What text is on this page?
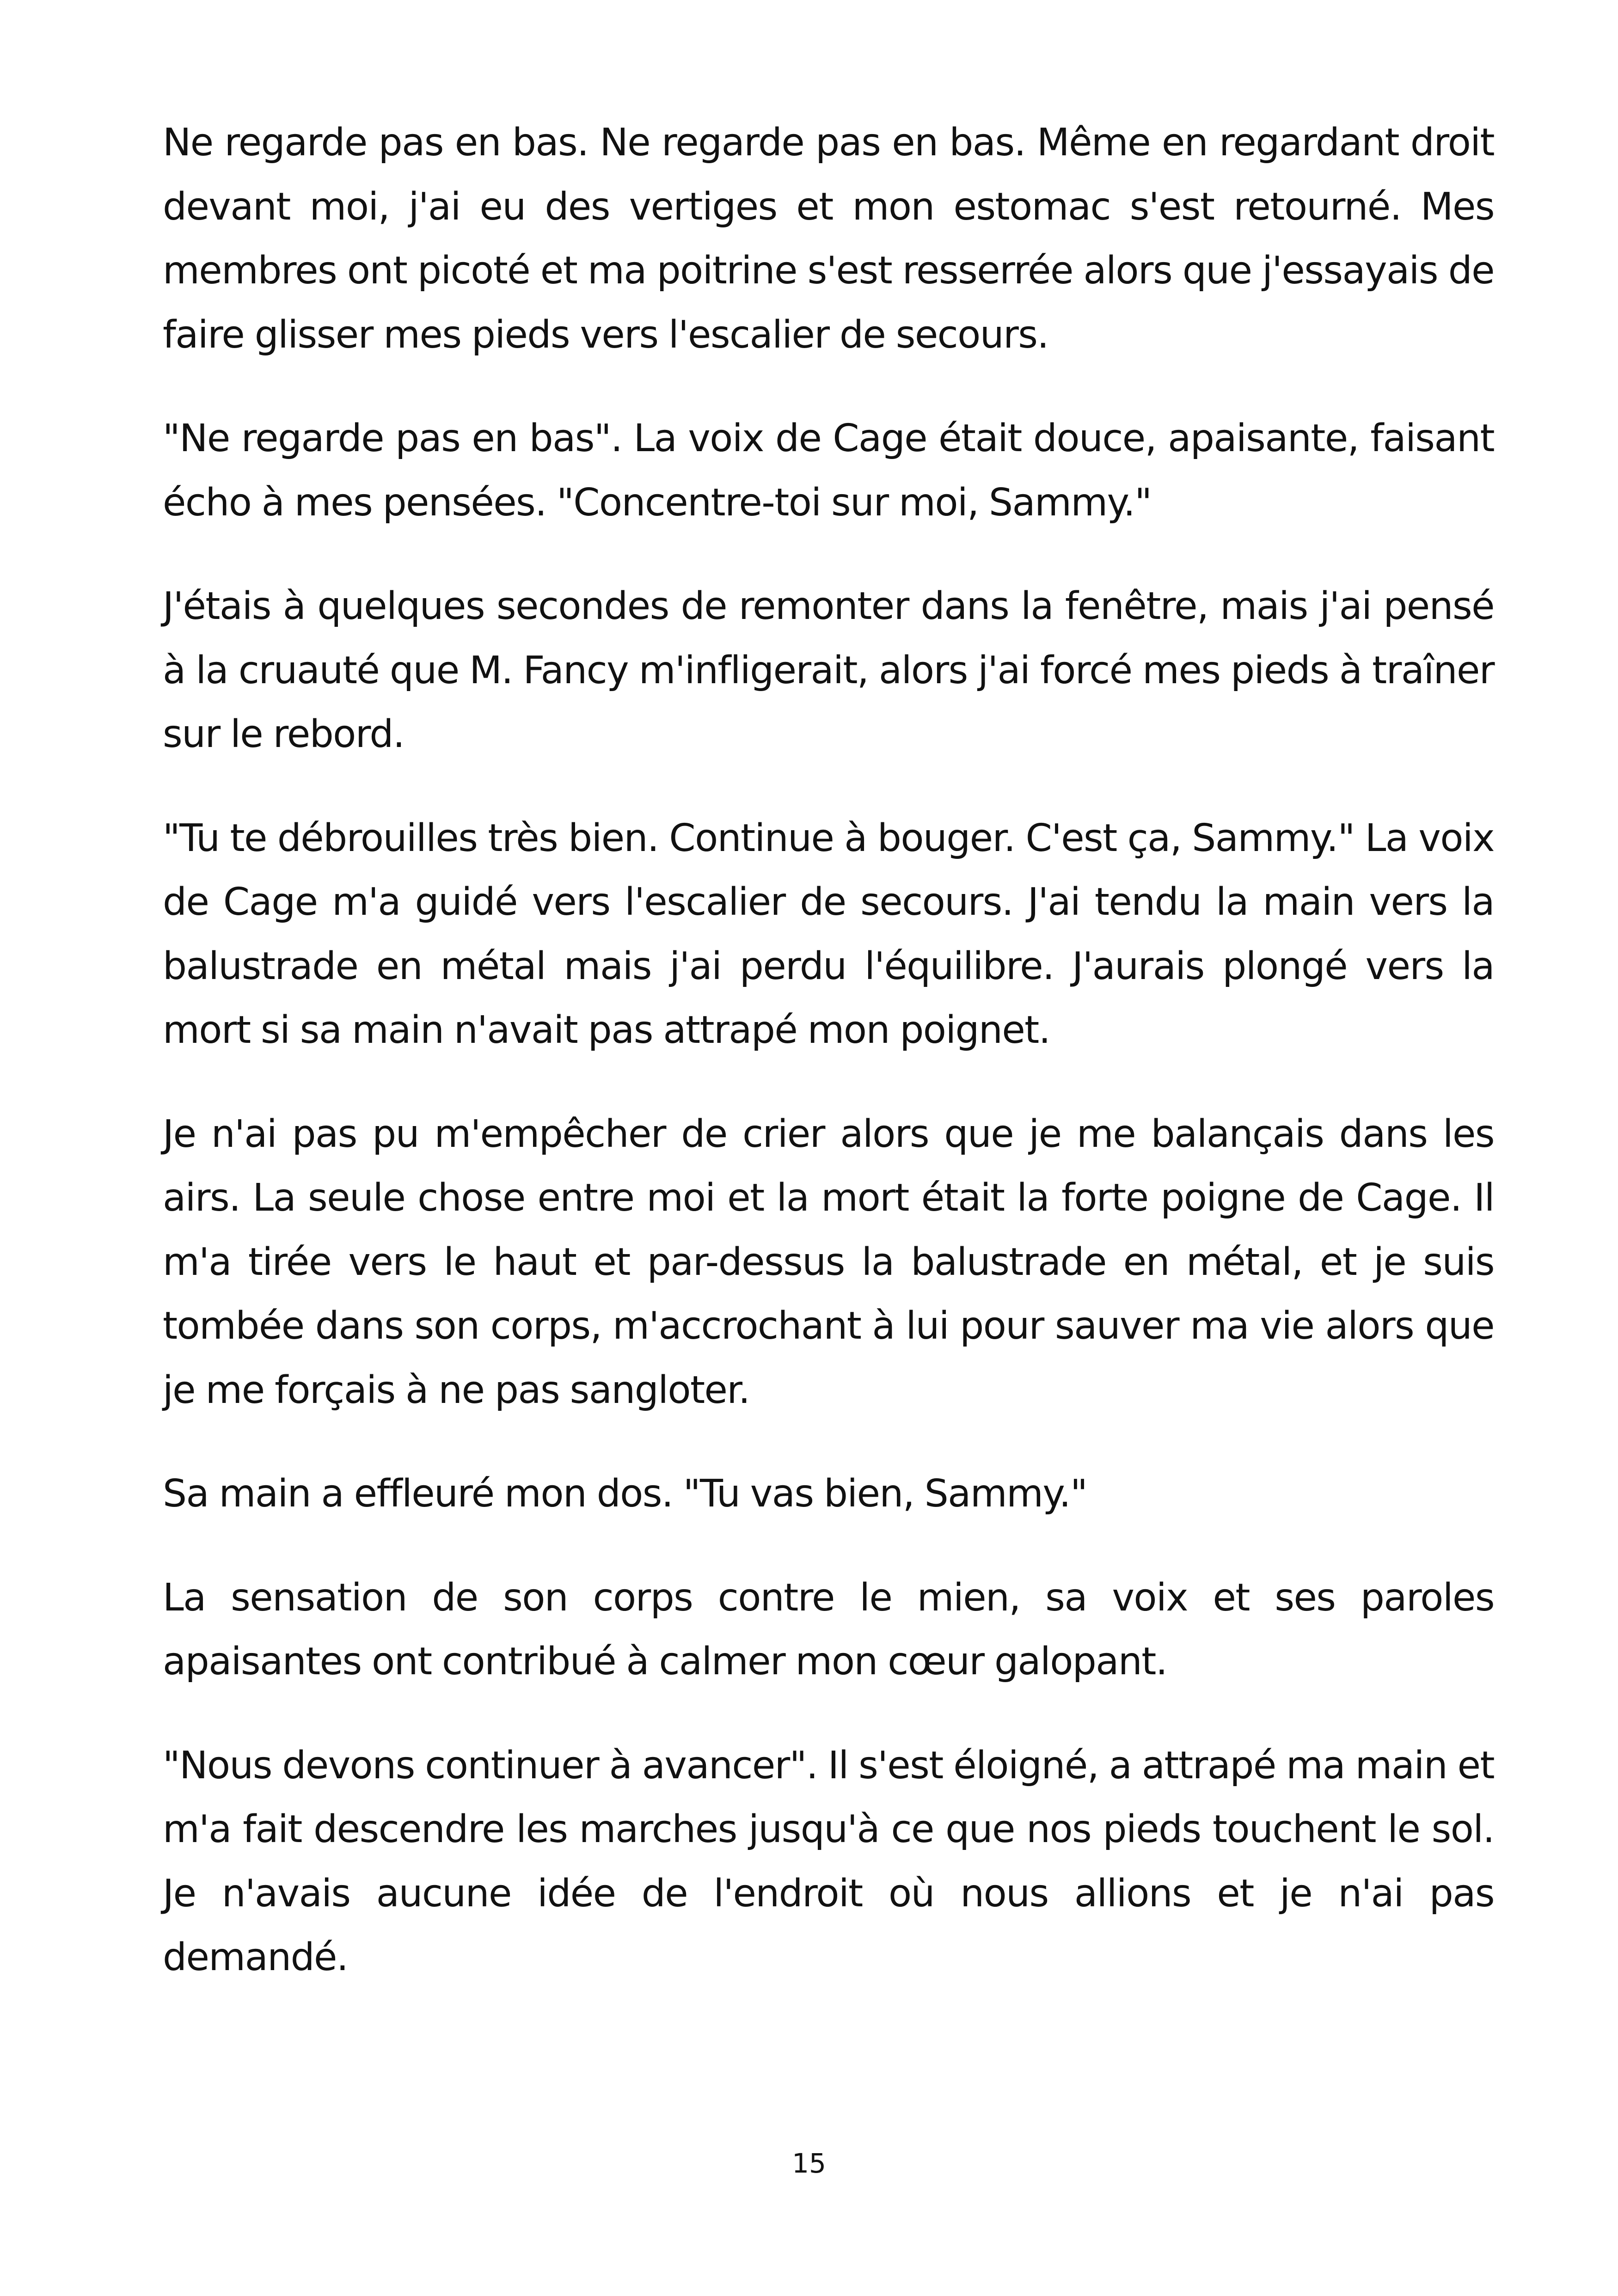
Ne regarde pas en bas. Ne regarde pas en bas. Même en regardant droit devant moi, j'ai eu des vertiges et mon estomac s'est retourné. Mes membres ont picoté et ma poitrine s'est resserrée alors que j'essayais de faire glisser mes pieds vers l'escalier de secours.

"Ne regarde pas en bas". La voix de Cage était douce, apaisante, faisant écho à mes pensées. "Concentre-toi sur moi, Sammy."

J'étais à quelques secondes de remonter dans la fenêtre, mais j'ai pensé à la cruauté que M. Fancy m'infligerait, alors j'ai forcé mes pieds à traîner sur le rebord.

"Tu te débrouilles très bien. Continue à bouger. C'est ça, Sammy." La voix de Cage m'a guidé vers l'escalier de secours. J'ai tendu la main vers la balustrade en métal mais j'ai perdu l'équilibre. J'aurais plongé vers la mort si sa main n'avait pas attrapé mon poignet.

Je n'ai pas pu m'empêcher de crier alors que je me balançais dans les airs. La seule chose entre moi et la mort était la forte poigne de Cage. Il m'a tirée vers le haut et par-dessus la balustrade en métal, et je suis tombée dans son corps, m'accrochant à lui pour sauver ma vie alors que je me forçais à ne pas sangloter.

Sa main a effleuré mon dos. "Tu vas bien, Sammy."

La sensation de son corps contre le mien, sa voix et ses paroles apaisantes ont contribué à calmer mon cœur galopant.

"Nous devons continuer à avancer". Il s'est éloigné, a attrapé ma main et m'a fait descendre les marches jusqu'à ce que nos pieds touchent le sol. Je n'avais aucune idée de l'endroit où nous allions et je n'ai pas demandé.

15
